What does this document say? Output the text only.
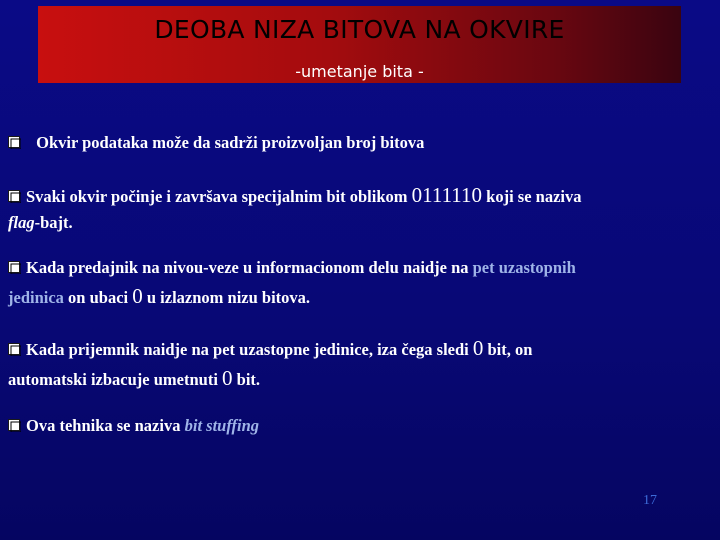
DEOBA NIZA BITOVA NA OKVIRE
-umetanje bita -
Okvir podataka može da sadrži proizvoljan broj bitova
Svaki okvir počinje i završava specijalnim bit oblikom 0111110 koji se naziva
flag-bajt.
Kada predajnik na nivou-veze u informacionom delu naidje na pet uzastopnih
jedinica on ubaci 0 u izlaznom nizu bitova.
Kada prijemnik naidje na pet uzastopne jedinice, iza čega sledi 0 bit, on
automatski izbacuje umetnuti 0 bit.
Ova tehnika se naziva bit stuffing
17
